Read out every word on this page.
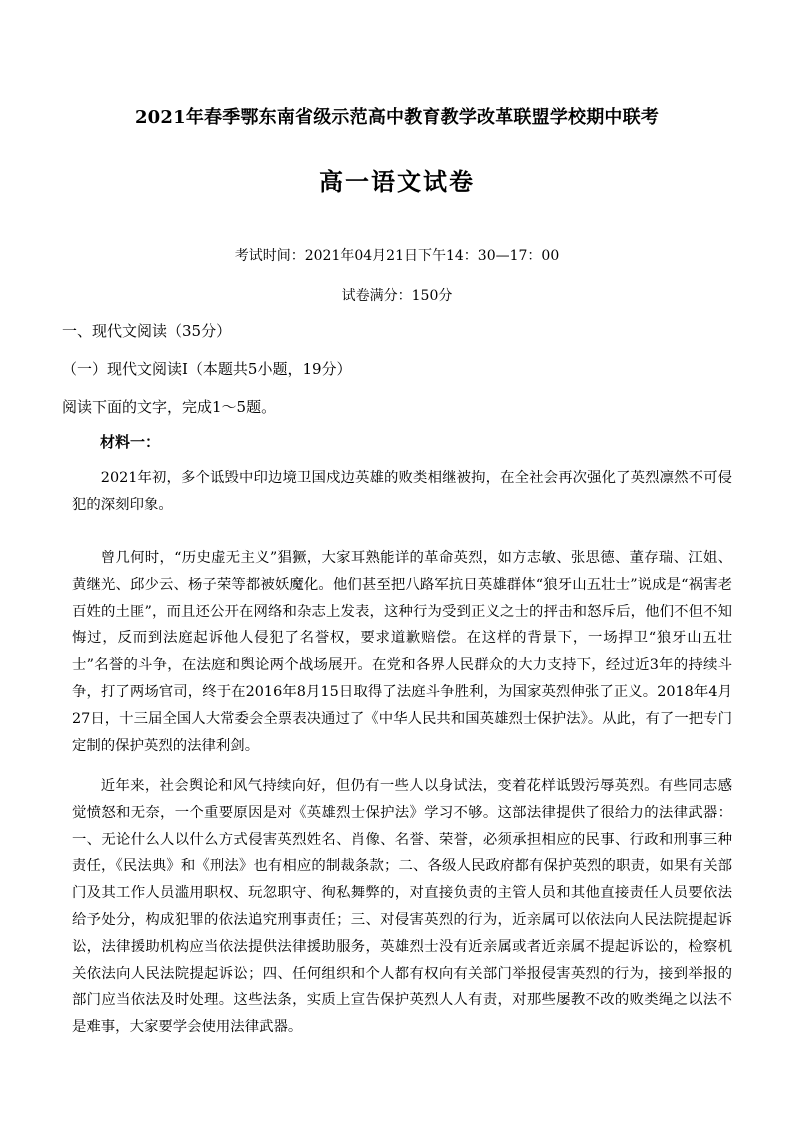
2021年春季鄂东南省级示范高中教育教学改革联盟学校期中联考
高一语文试卷
考试时间：2021年04月21日下午14：30—17：00
试卷满分：150分
一、现代文阅读（35分）
（一）现代文阅读Ⅰ（本题共5小题，19分）
阅读下面的文字，完成1～5题。
材料一：

2021年初，多个诋毁中印边境卫国戍边英雄的败类相继被拘，在全社会再次强化了英烈凛然不可侵犯的深刻印象。

曾几何时，“历史虚无主义”猖獗，大家耳熟能详的革命英烈，如方志敏、张思德、董存瑞、江姐、黄继光、邱少云、杨子荣等都被妖魔化。他们甚至把八路军抗日英雄群体“狼牙山五壮士”说成是“祸害老百姓的土匪”，而且还公开在网络和杂志上发表，这种行为受到正义之士的抨击和怒斥后，他们不但不知悔过，反而到法庭起诉他人侵犯了名誉权，要求道歉赔偿。在这样的背景下，一场捍卫“狼牙山五壮士”名誉的斗争，在法庭和舆论两个战场展开。在党和各界人民群众的大力支持下，经过近3年的持续斗争，打了两场官司，终于在2016年8月15日取得了法庭斗争胜利，为国家英烈伸张了正义。2018年4月27日，十三届全国人大常委会全票表决通过了《中华人民共和国英雄烈士保护法》。从此，有了一把专门定制的保护英烈的法律利剑。

近年来，社会舆论和风气持续向好，但仍有一些人以身试法，变着花样诋毁污辱英烈。有些同志感觉愤怒和无奈，一个重要原因是对《英雄烈士保护法》学习不够。这部法律提供了很给力的法律武器：一、无论什么人以什么方式侵害英烈姓名、肖像、名誉、荣誉，必须承担相应的民事、行政和刑事三种责任，《民法典》和《刑法》也有相应的制裁条款；二、各级人民政府都有保护英烈的职责，如果有关部门及其工作人员滥用职权、玩忽职守、徇私舞弊的，对直接负责的主管人员和其他直接责任人员要依法给予处分，构成犯罪的依法追究刑事责任；三、对侵害英烈的行为，近亲属可以依法向人民法院提起诉讼，法律援助机构应当依法提供法律援助服务，英雄烈士没有近亲属或者近亲属不提起诉讼的，检察机关依法向人民法院提起诉讼；四、任何组织和个人都有权向有关部门举报侵害英烈的行为，接到举报的部门应当依法及时处理。这些法条，实质上宣告保护英烈人人有责，对那些屡教不改的败类绳之以法不是难事，大家要学会使用法律武器。
